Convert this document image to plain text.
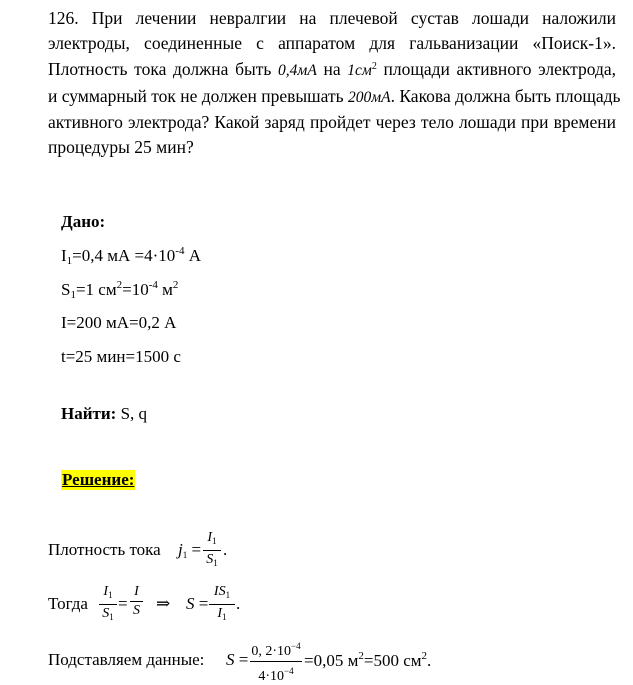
126. При лечении невралгии на плечевой сустав лошади наложили
электроды, соединенные с аппаратом для гальванизации «Поиск-1».
Плотность тока должна быть 0,4мА на $1см^2$ площади активного электрода,
и суммарный ток не должен превышать 200мА. Какова должна быть площадь
активного электрода? Какой заряд пройдет через тело лошади при времени
процедуры 25 мин?
Дано:
$I_1=0,4$ мА $=4\cdot 10^{-4}$ А
$S_1=1$ $см^2=10^{-4}$ $м^2$
I=200 мА=0,2 А
t=25 мин=1500 с
Найти: S, q
Решение:
Плотность тока j1 =
$I_1$
$S_1$
.
Тогда
$I_1$
$S_1$
=
I
S ⇒ S =
$IS_1$
$I_1$
.
Подставляем данные: S = 0, $2\cdot 10^{-4}$
$4\cdot 10^{-4}$
=0,05 $м^2=500$ $см^2$.
